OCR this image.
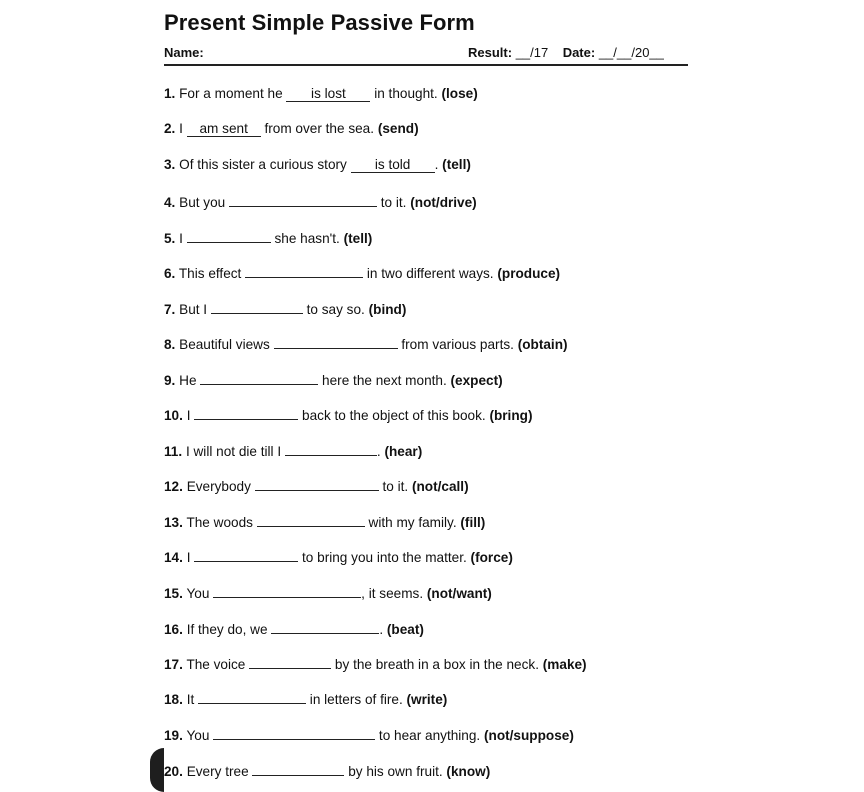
Present Simple Passive Form
Name:	Result: __/17 Date: __/__/20__
1. For a moment he is lost in thought. (lose)
2. I am sent from over the sea. (send)
3. Of this sister a curious story is told . (tell)
4. But you	to it. (not/drive)
5. I	she hasn't. (tell)
6. This effect	in two different ways. (produce)
7. But I	to say so. (bind)
8. Beautiful views	from various parts. (obtain)
9. He	here the next month. (expect)
10. I	back to the object of this book. (bring)
11. I will not die till I	. (hear)
12. Everybody	to it. (not/call)
13. The woods	with my family. (fill)
14. I	to bring you into the matter. (force)
15. You	, it seems. (not/want)
16. If they do, we	. (beat)
17. The voice	by the breath in a box in the neck. (make)
18. It	in letters of fire. (write)
19. You	to hear anything. (not/suppose)
20. Every tree	by his own fruit. (know)
